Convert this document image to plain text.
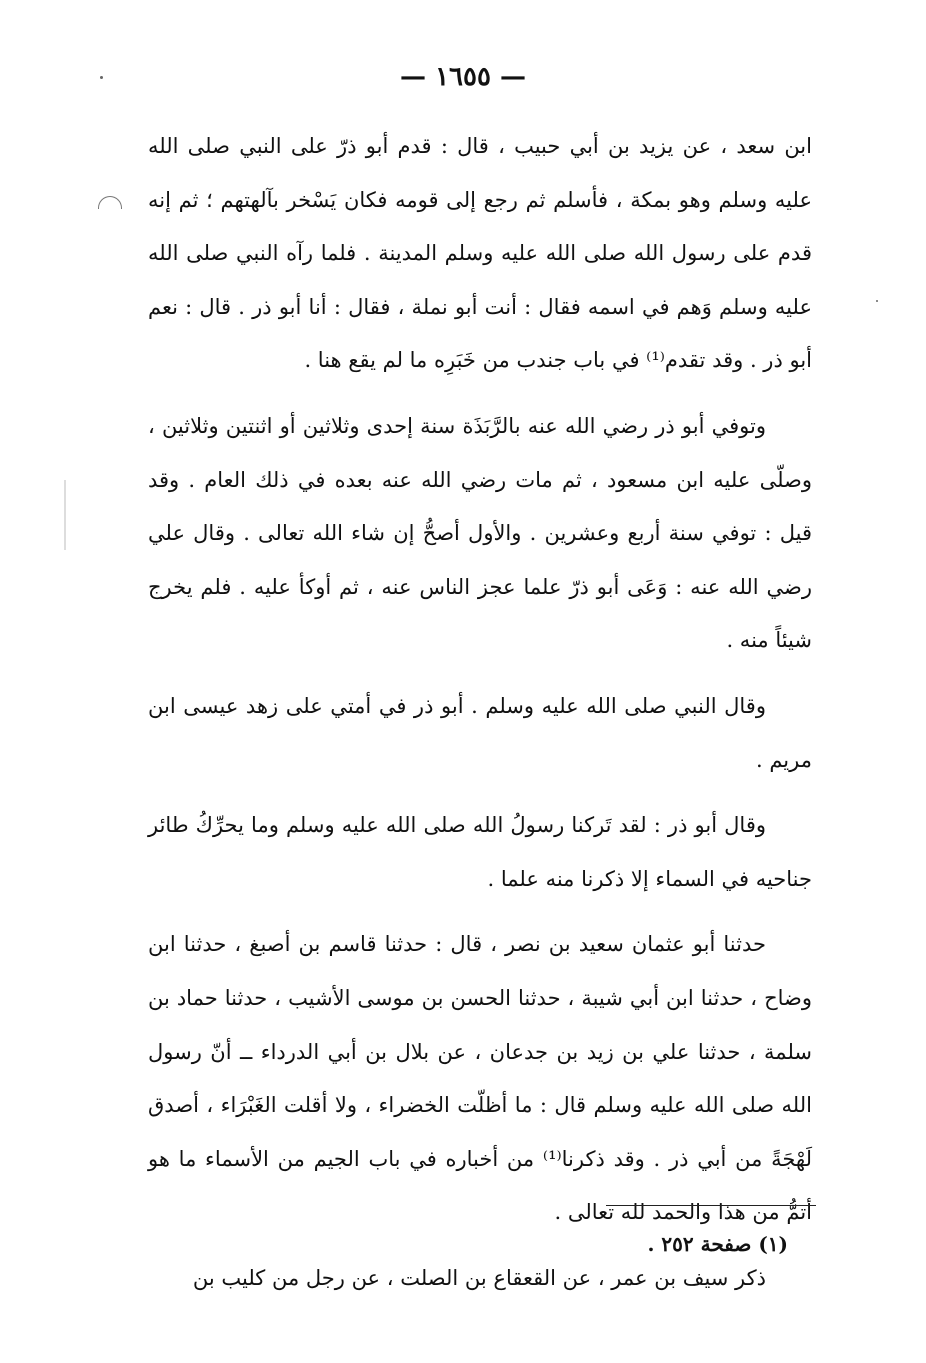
— ١٦٥٥ —

ابن سعد ، عن يزيد بن أبي حبيب ، قال : قدم أبو ذرّ على النبي صلى الله عليه وسلم وهو بمكة ، فأسلم ثم رجع إلى قومه فكان يَسْخر بآلهتهم ؛ ثم إنه قدم على رسول الله صلى الله عليه وسلم المدينة . فلما رآه النبي صلى الله عليه وسلم وَهم في اسمه فقال : أنت أبو نملة ، فقال : أنا أبو ذر . قال : نعم أبو ذر . وقد تقدم⁽¹⁾ في باب جندب من خَبَرِه ما لم يقع هنا .

وتوفي أبو ذر رضي الله عنه بالرَّبَذَة سنة إحدى وثلاثين أو اثنتين وثلاثين ، وصلّى عليه ابن مسعود ، ثم مات رضي الله عنه بعده في ذلك العام . وقد قيل : توفي سنة أربع وعشرين . والأول أصحُّ إن شاء الله تعالى . وقال علي رضي الله عنه : وَعَى أبو ذرّ علما عجز الناس عنه ، ثم أوكأ عليه . فلم يخرج شيئاً منه .

وقال النبي صلى الله عليه وسلم . أبو ذر في أمتي على زهد عيسى ابن مريم .

وقال أبو ذر : لقد تَركنا رسولُ الله صلى الله عليه وسلم وما يحرِّكُ طائر جناحيه في السماء إلا ذكرنا منه علما .

حدثنا أبو عثمان سعيد بن نصر ، قال : حدثنا قاسم بن أصبغ ، حدثنا ابن وضاح ، حدثنا ابن أبي شيبة ، حدثنا الحسن بن موسى الأشيب ، حدثنا حماد بن سلمة ، حدثنا علي بن زيد بن جدعان ، عن بلال بن أبي الدرداء ــ أنّ رسول الله صلى الله عليه وسلم قال : ما أظلّت الخضراء ، ولا أقلت الغَبْرَاء ، أصدق لَهْجَةً من أبي ذر . وقد ذكرنا⁽¹⁾ من أخباره في باب الجيم من الأسماء ما هو أتمُّ من هذا والحمد لله تعالى .

ذكر سيف بن عمر ، عن القعقاع بن الصلت ، عن رجل من كليب بن

(١) صفحة ٢٥٢ .
